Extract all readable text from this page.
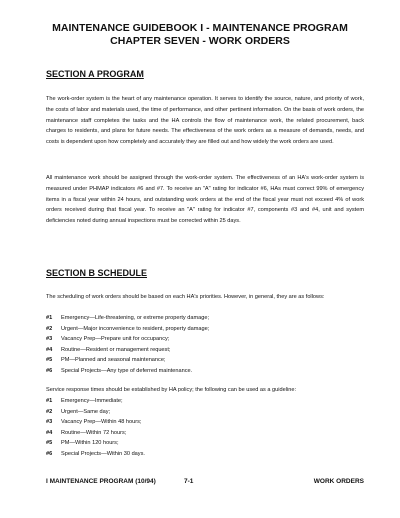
MAINTENANCE GUIDEBOOK I - MAINTENANCE PROGRAM
CHAPTER SEVEN - WORK ORDERS
SECTION A PROGRAM

The work-order system is the heart of any maintenance operation. It serves to identify the source, nature, and priority of work, the costs of labor and materials used, the time of performance, and other pertinent information. On the basis of work orders, the maintenance staff completes the tasks and the HA controls the flow of maintenance work, the related procurement, back charges to residents, and plans for future needs. The effectiveness of the work orders as a measure of demands, needs, and costs is dependent upon how completely and accurately they are filled out and how widely the work orders are used.

All maintenance work should be assigned through the work-order system. The effectiveness of an HA's work-order system is measured under PHMAP indicators #6 and #7. To receive an "A" rating for indicator #6, HAs must correct 99% of emergency items in a fiscal year within 24 hours, and outstanding work orders at the end of the fiscal year must not exceed 4% of work orders received during that fiscal year. To receive an "A" rating for indicator #7, components #3 and #4, unit and system deficiencies noted during annual inspections must be corrected within 25 days.

SECTION B SCHEDULE

The scheduling of work orders should be based on each HA's priorities. However, in general, they are as follows:

#1	Emergency—Life-threatening, or extreme property damage;
#2	Urgent—Major inconvenience to resident, property damage;
#3	Vacancy Prep—Prepare unit for occupancy;
#4	Routine—Resident or management request;
#5	PM—Planned and seasonal maintenance;
#6	Special Projects—Any type of deferred maintenance.

Service response times should be established by HA policy; the following can be used as a guideline:

#1	Emergency—Immediate;
#2	Urgent—Same day;
#3	Vacancy Prep—Within 48 hours;
#4	Routine—Within 72 hours;
#5	PM—Within 120 hours;
#6	Special Projects—Within 30 days.
I MAINTENANCE PROGRAM (10/94)	7-1	WORK ORDERS
